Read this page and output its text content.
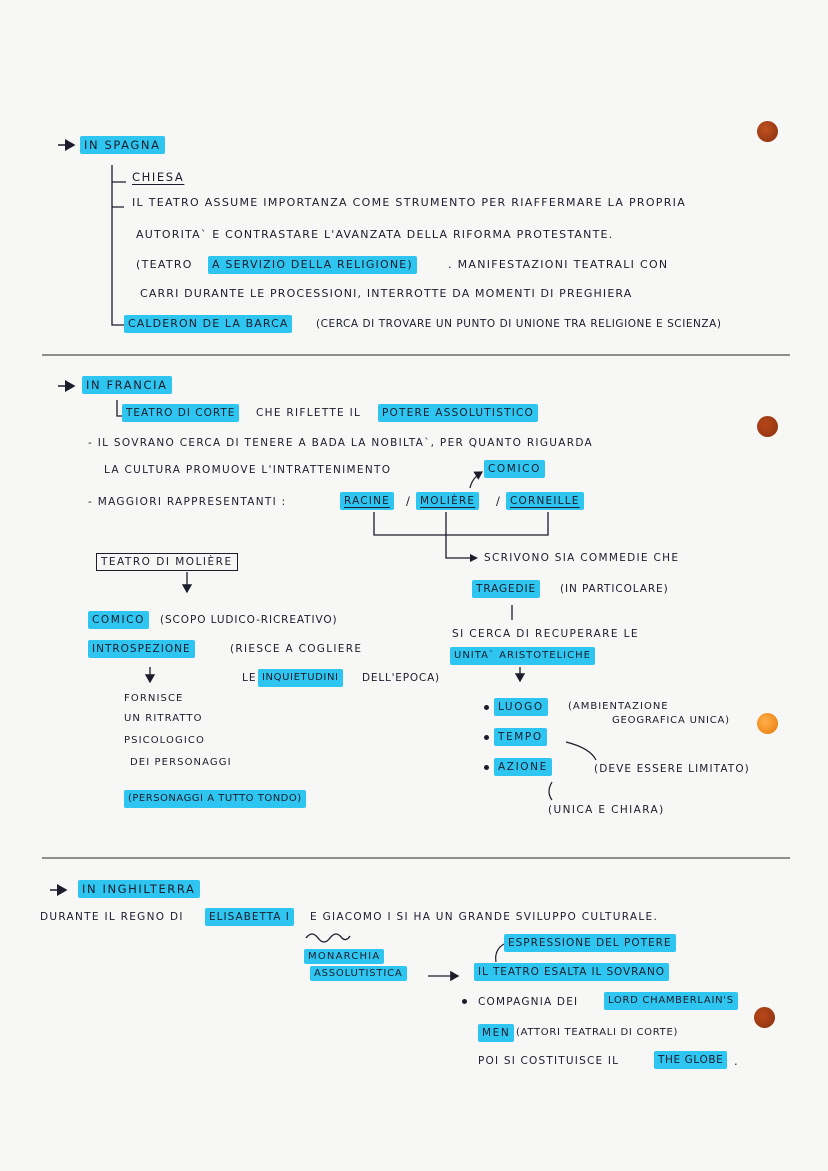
IN SPAGNA
CHIESA
IL TEATRO ASSUME IMPORTANZA COME STRUMENTO PER RIAFFERMARE LA PROPRIA
AUTORITA` E CONTRASTARE L'AVANZATA DELLA RIFORMA PROTESTANTE.
(TEATRO	A SERVIZIO DELLA RELIGIONE)	. MANIFESTAZIONI TEATRALI CON
CARRI DURANTE LE PROCESSIONI, INTERROTTE DA MOMENTI DI PREGHIERA
CALDERON DE LA BARCA	(CERCA DI TROVARE UN PUNTO DI UNIONE TRA RELIGIONE E SCIENZA)
IN FRANCIA
TEATRO DI CORTE	CHE RIFLETTE IL	POTERE ASSOLUTISTICO
- IL SOVRANO CERCA DI TENERE A BADA LA NOBILTA`, PER QUANTO RIGUARDA
LA CULTURA PROMUOVE L'INTRATTENIMENTO	COMICO
- MAGGIORI RAPPRESENTANTI :	RACINE	/ MOLIÈRE	/ CORNEILLE
TEATRO DI MOLIÈRE	SCRIVONO SIA COMMEDIE CHE
TRAGEDIE	(IN PARTICOLARE)
COMICO	(SCOPO LUDICO-RICREATIVO)
INTROSPEZIONE	(RIESCE A COGLIERE
SI CERCA DI RECUPERARE LE
UNITA` ARISTOTELICHE
LE INQUIETUDINI	DELL'EPOCA)
FORNISCE
UN RITRATTO
PSICOLOGICO
DEI PERSONAGGI
(PERSONAGGI A TUTTO TONDO)
LUOGO	(AMBIENTAZIONE
GEOGRAFICA UNICA)
TEMPO
AZIONE	(DEVE ESSERE LIMITATO)
(UNICA E CHIARA)
IN INGHILTERRA
DURANTE IL REGNO DI	ELISABETTA I	E GIACOMO I SI HA UN GRANDE SVILUPPO CULTURALE.
MONARCHIA
ASSOLUTISTICA
ESPRESSIONE DEL POTERE
IL TEATRO ESALTA IL SOVRANO
COMPAGNIA DEI	LORD CHAMBERLAIN'S
MEN (ATTORI TEATRALI DI CORTE)
POI SI COSTITUISCE IL	THE GLOBE .
